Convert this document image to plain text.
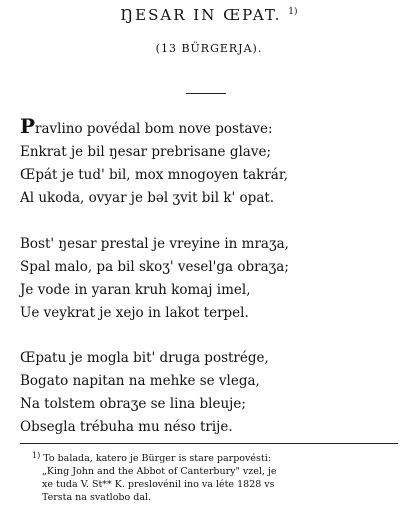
ŊESAR IN ŒPAT. $^{1)}$
(13 BÜRGERJA).
Pravlino povédal bom nove postave:
Enkrat je bil ŋesar prebrisane glave;
Œpát je tud' bil, mox mnogoyen takrár,
Al ukoda, ovyar je bəl ʒvit bil k' opat.
Bost' ŋesar prestal je vreyine in mraʒa,
Spal malo, pa bil skoʒ' vesel'ga obraʒa;
Je vode in yaran kruh komaj imel,
Ue veykrat je xejo in lakot terpel.
Œpatu je mogla bit' druga postrége,
Bogato napitan na mehke se vlega,
Na tolstem obraʒe se lina bleuje;
Obsegla trébuha mu néso trije.
$^{1)}$ To balada, katero je Bürger is stare parpovésti:
„King John and the Abbot of Canterbury" vzel, je
xe tuda V. St** K. preslovénil ino va léte 1828 vs
Tersta na svatlobo dal.
